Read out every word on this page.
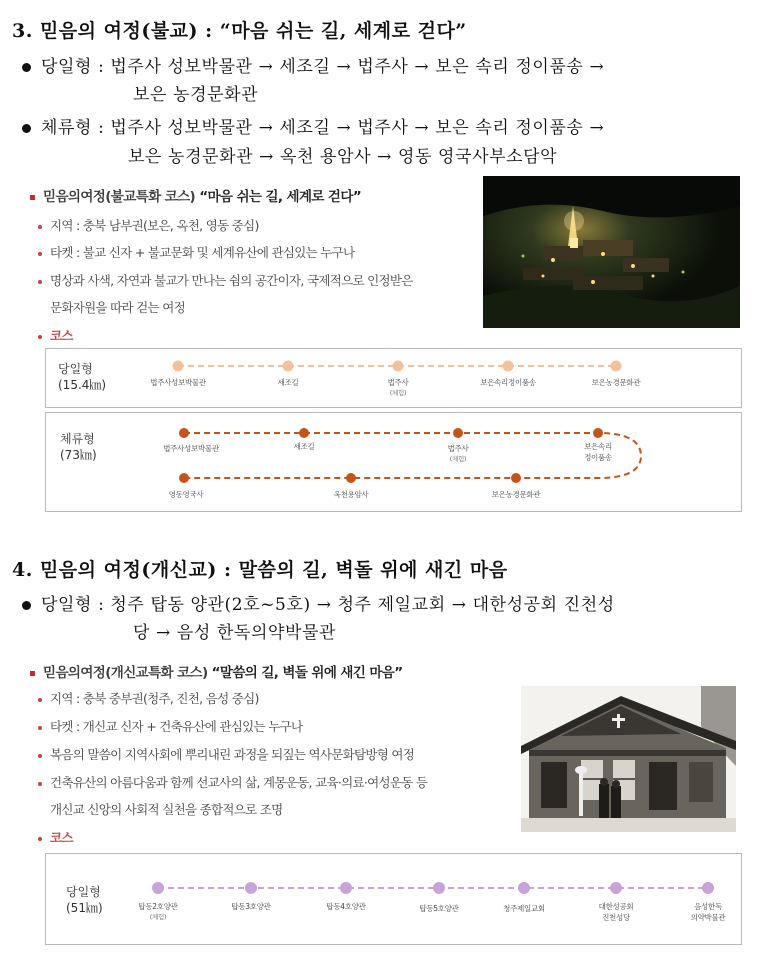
3. 믿음의 여정(불교) : “마음 쉬는 길, 세계로 걷다”
당일형 : 법주사 성보박물관 → 세조길 → 법주사 → 보은 속리 정이품송 →
보은 농경문화관
체류형 : 법주사 성보박물관 → 세조길 → 법주사 → 보은 속리 정이품송 →
보은 농경문화관 → 옥천 용암사 → 영동 영국사부소담악
믿음의여정(불교특화 코스) “마음 쉬는 길, 세계로 걷다”
지역 : 충북 남부권(보은, 옥천, 영동 중심)
타켓 : 불교 신자 + 불교문화 및 세계유산에 관심있는 누구나
명상과 사색, 자연과 불교가 만나는 쉼의 공간이자, 국제적으로 인정받은
문화자원을 따라 걷는 여정
코스
당일형
(15.4㎞)	법주사성보박물관	세조길	법주사
(체험)
보은속리정이품송	보은농경문화관
체류형
(73㎞)	법주사성보박물관	세조길	법주사
(체험)
보은속리
정이품송
영동영국사	옥천용암사	보은농경문화관
4. 믿음의 여정(개신교) : 말씀의 길, 벽돌 위에 새긴 마음
당일형 : 청주 탑동 양관(2호~5호) → 청주 제일교회 → 대한성공회 진천성
당 → 음성 한독의약박물관
믿음의여정(개신교특화 코스) “말씀의 길, 벽돌 위에 새긴 마음”
지역 : 충북 중부권(청주, 진천, 음성 중심)
타켓 : 개신교 신자 + 건축유산에 관심있는 누구나
복음의 말씀이 지역사회에 뿌리내린 과정을 되짚는 역사문화탐방형 여정
건축유산의 아름다움과 함께 선교사의 삶, 계몽운동, 교육·의료·여성운동 등
개신교 신앙의 사회적 실천을 종합적으로 조명
코스
당일형
(51㎞)	탑동2호양관
(체험)
탑동3호양관	탑동4호양관	탑동5호양관	청주제일교회	대한성공회
진천성당
음성한독
의약박물관
